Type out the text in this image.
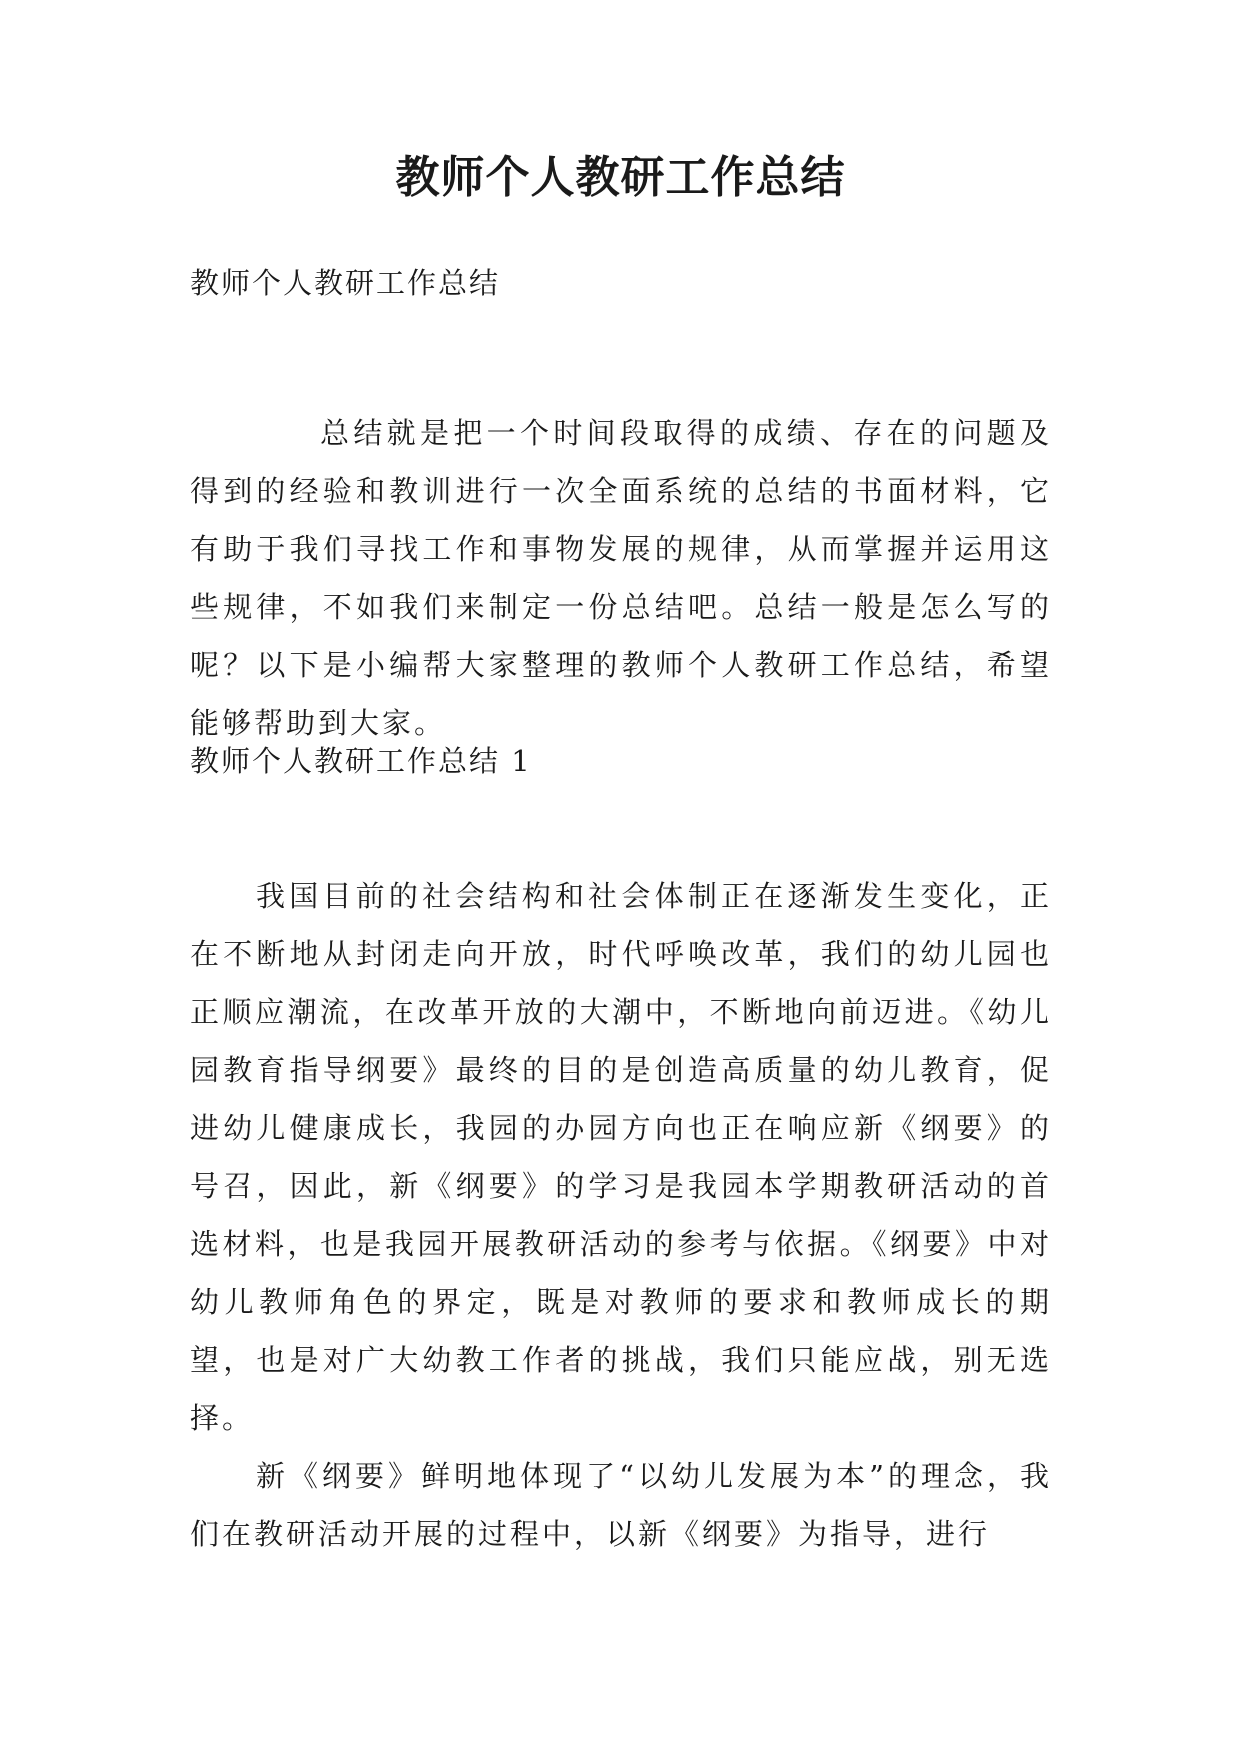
教师个人教研工作总结

教师个人教研工作总结

总结就是把一个时间段取得的成绩、存在的问题及得到的经验和教训进行一次全面系统的总结的书面材料，它有助于我们寻找工作和事物发展的规律，从而掌握并运用这些规律，不如我们来制定一份总结吧。总结一般是怎么写的呢？以下是小编帮大家整理的教师个人教研工作总结，希望能够帮助到大家。

教师个人教研工作总结 1

我国目前的社会结构和社会体制正在逐渐发生变化，正在不断地从封闭走向开放，时代呼唤改革，我们的幼儿园也正顺应潮流，在改革开放的大潮中，不断地向前迈进。《幼儿园教育指导纲要》最终的目的是创造高质量的幼儿教育，促进幼儿健康成长，我园的办园方向也正在响应新《纲要》的号召，因此，新《纲要》的学习是我园本学期教研活动的首选材料，也是我园开展教研活动的参考与依据。《纲要》中对幼儿教师角色的界定，既是对教师的要求和教师成长的期望，也是对广大幼教工作者的挑战，我们只能应战，别无选择。

新《纲要》鲜明地体现了“以幼儿发展为本”的理念，我们在教研活动开展的过程中，以新《纲要》为指导，进行
